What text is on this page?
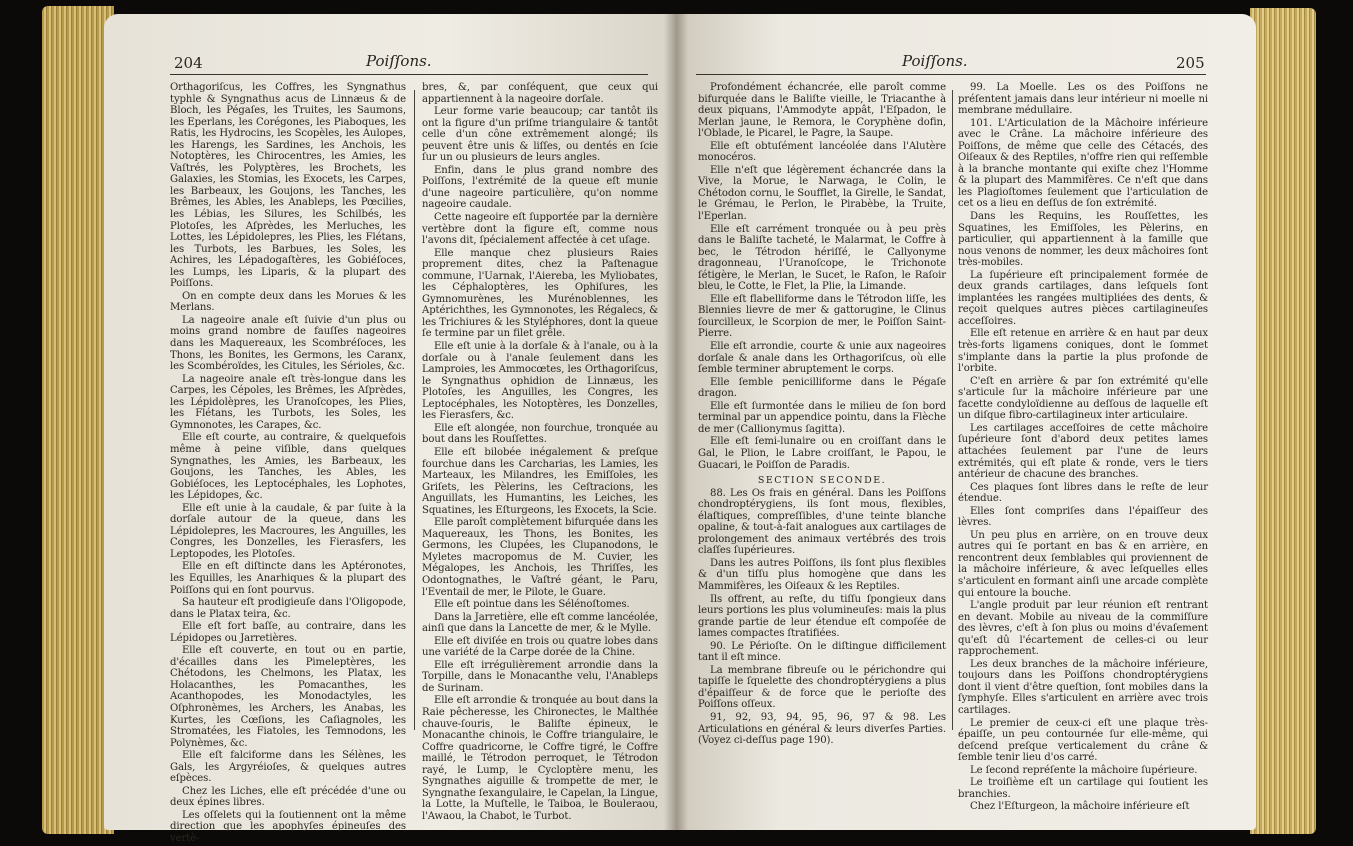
204	Poiſſons.

Orthagoriſcus, les Coffres, les Syngnathus typhle & Syngnathus acus de Linnæus & de Bloch, les Pégaſes, les Truites, les Saumons, les Eperlans, les Corégones, les Piaboques, les Ratis, les Hydrocins, les Scopèles, les Aulopes, les Harengs, les Sardines, les Anchois, les Notoptères, les Chirocentres, les Amies, les Vaſtrés, les Polyptères, les Brochets, les Galaxies, les Stomias, les Exocets, les Carpes, les Barbeaux, les Goujons, les Tanches, les Brêmes, les Ables, les Anableps, les Pœcilies, les Lébias, les Silures, les Schilbés, les Plotoſes, les Aſprèdes, les Merluches, les Lottes, les Lépidolepres, les Plies, les Flétans, les Turbots, les Barbues, les Soles, les Achires, les Lépadogaſtères, les Gobiéſoces, les Lumps, les Liparis, & la plupart des Poiſſons.

On en compte deux dans les Morues & les Merlans.

La nageoire anale eſt ſuivie d'un plus ou moins grand nombre de fauſſes nageoires dans les Maquereaux, les Scombréſoces, les Thons, les Bonites, les Germons, les Caranx, les Scombéroïdes, les Citules, les Sérioles, &c.

La nageoire anale eſt très-longue dans les Carpes, les Cépoles, les Brêmes, les Aſprèdes, les Lépidolèpres, les Uranoſcopes, les Plies, les Flétans, les Turbots, les Soles, les Gymnonotes, les Carapes, &c.

Elle eſt courte, au contraire, & quelquefois même à peine viſible, dans quelques Syngnathes, les Amies, les Barbeaux, les Goujons, les Tanches, les Ables, les Gobiéſoces, les Leptocéphales, les Lophotes, les Lépidopes, &c.

Elle eſt unie à la caudale, & par ſuite à la dorſale autour de la queue, dans les Lépidolepres, les Macroures, les Anguilles, les Congres, les Donzelles, les Fierasfers, les Leptopodes, les Plotoſes.

Elle en eſt diſtincte dans les Aptéronotes, les Equilles, les Anarhiques & la plupart des Poiſſons qui en ſont pourvus.

Sa hauteur eſt prodigieuſe dans l'Oligopode, dans le Platax teira, &c.

Elle eſt fort baſſe, au contraire, dans les Lépidopes ou Jarretières.

Elle eſt couverte, en tout ou en partie, d'écailles dans les Pimeleptères, les Chétodons, les Chelmons, les Platax, les Holacanthes, les Pomacanthes, les Acanthopodes, les Monodactyles, les Oſphronèmes, les Archers, les Anabas, les Kurtes, les Cœſions, les Caſiagnoles, les Stromatées, les Fiatoles, les Temnodons, les Polynèmes, &c.

Elle eſt falciforme dans les Sélènes, les Gals, les Argyréioſes, & quelques autres eſpèces.

Chez les Liches, elle eſt précédée d'une ou deux épines libres.

Les oſſelets qui la ſoutiennent ont la même direction que les apophyſes épineuſes des vertè-

bres, &, par conſéquent, que ceux qui appartiennent à la nageoire dorſale.

Leur forme varie beaucoup; car tantôt ils ont la figure d'un priſme triangulaire & tantôt celle d'un cône extrêmement alongé; ils peuvent être unis & liſſes, ou dentés en ſcie ſur un ou plusieurs de leurs angles.

Enfin, dans le plus grand nombre des Poiſſons, l'extrémité de la queue eſt munie d'une nageoire particulière, qu'on nomme nageoire caudale.

Cette nageoire eſt ſupportée par la dernière vertèbre dont la figure eſt, comme nous l'avons dit, ſpécialement affectée à cet uſage.

Elle manque chez plusieurs Raies proprement dites, chez la Paſtenague commune, l'Uarnak, l'Aiereba, les Myliobates, les Céphaloptères, les Ophiſures, les Gymnomurènes, les Murénoblennes, les Aptérichthes, les Gymnonotes, les Régalecs, & les Trichiures & les Styléphores, dont la queue ſe termine par un filet grêle.

Elle eſt unie à la dorſale & à l'anale, ou à la dorſale ou à l'anale ſeulement dans les Lamproies, les Ammocœtes, les Orthagoriſcus, le Syngnathus ophidion de Linnæus, les Plotoſes, les Anguilles, les Congres, les Leptocéphales, les Notoptères, les Donzelles, les Fierasfers, &c.

Elle eſt alongée, non fourchue, tronquée au bout dans les Rouſſettes.

Elle eſt bilobée inégalement & preſque fourchue dans les Carcharias, les Lamies, les Marteaux, les Milandres, les Emiſſoles, les Griſets, les Pèlerins, les Ceſtracions, les Anguillats, les Humantins, les Leiches, les Squatines, les Eſturgeons, les Exocets, la Scie.

Elle paroît complètement bifurquée dans les Maquereaux, les Thons, les Bonites, les Germons, les Clupées, les Clupanodons, le Myletes macropomus de M. Cuvier, les Mégalopes, les Anchois, les Thriſſes, les Odontognathes, le Vaſtré géant, le Paru, l'Eventail de mer, le Pilote, le Guare.

Elle eſt pointue dans les Sélénoſtomes.

Dans la Jarretière, elle eſt comme lancéolée, ainſi que dans la Lancette de mer, & le Mylle.

Elle eſt diviſée en trois ou quatre lobes dans une variété de la Carpe dorée de la Chine.

Elle eſt irrégulièrement arrondie dans la Torpille, dans le Monacanthe velu, l'Anableps de Surinam.

Elle eſt arrondie & tronquée au bout dans la Raie pêcheresse, les Chironectes, le Malthée chauve-ſouris, le Baliſte épineux, le Monacanthe chinois, le Coffre triangulaire, le Coffre quadricorne, le Coffre tigré, le Coffre maillé, le Tétrodon perroquet, le Tétrodon rayé, le Lump, le Cycloptère menu, les Syngnathes aiguille & trompette de mer, le Syngnathe ſexangulaire, le Capelan, la Lingue, la Lotte, la Muſtelle, le Taiboa, le Bouleraou, l'Awaou, la Chabot, le Turbot.

Poiſſons.	205

Profondément échancrée, elle paroît comme bifurquée dans le Baliſte vieille, le Triacanthe à deux piquans, l'Ammodyte appât, l'Eſpadon, le Merlan jaune, le Remora, le Coryphène dofin, l'Oblade, le Picarel, le Pagre, la Saupe.

Elle eſt obtuſément lancéolée dans l'Alutère monocéros.

Elle n'eſt que légèrement échancrée dans la Vive, la Morue, le Narwaga, le Colin, le Chétodon cornu, le Soufflet, la Girelle, le Sandat, le Grémau, le Perlon, le Pirabèbe, la Truite, l'Eperlan.

Elle eſt carrément tronquée ou à peu près dans le Baliſte tacheté, le Malarmat, le Coffre à bec, le Tétrodon hériſſé, le Callyonyme dragonneau, l'Uranoſcope, le Trichonote ſétigère, le Merlan, le Sucet, le Raſon, le Raſoir bleu, le Cotte, le Flet, la Plie, la Limande.

Elle eſt flabelliforme dans le Tétrodon liſſe, les Blennies lievre de mer & gattorugine, le Clinus ſourcilleux, le Scorpion de mer, le Poiſſon Saint-Pierre.

Elle eſt arrondie, courte & unie aux nageoires dorſale & anale dans les Orthagoriſcus, où elle ſemble terminer abruptement le corps.

Elle ſemble penicilliforme dans le Pégaſe dragon.

Elle eſt ſurmontée dans le milieu de ſon bord terminal par un appendice pointu, dans la Flèche de mer (Callionymus ſagitta).

Elle eſt ſemi-lunaire ou en croiſſant dans le Gal, le Plion, le Labre croiſſant, le Papou, le Guacari, le Poiſſon de Paradis.

SECTION SECONDE.

88. Les Os frais en général. Dans les Poiſſons chondroptérygiens, ils ſont mous, flexibles, élaſtiques, compreſſibles, d'une teinte blanche opaline, & tout-à-fait analogues aux cartilages de prolongement des animaux vertébrés des trois claſſes ſupérieures.

Dans les autres Poiſſons, ils ſont plus flexibles & d'un tiſſu plus homogène que dans les Mammifères, les Oiſeaux & les Reptiles.

Ils offrent, au reſte, du tiſſu ſpongieux dans leurs portions les plus volumineuſes: mais la plus grande partie de leur étendue eſt compoſée de lames compactes ſtratifiées.

90. Le Périoſte. On le diſtingue difficilement tant il eſt mince.

La membrane fibreuſe ou le périchondre qui tapiſſe le ſquelette des chondroptérygiens a plus d'épaiſſeur & de force que le perioſte des Poiſſons oſſeux.

91, 92, 93, 94, 95, 96, 97 & 98. Les Articulations en général & leurs diverſes Parties. (Voyez ci-deſſus page 190).

99. La Moelle. Les os des Poiſſons ne préſentent jamais dans leur intérieur ni moelle ni membrane médullaire.

101. L'Articulation de la Mâchoire inférieure avec le Crâne. La mâchoire inférieure des Poiſſons, de même que celle des Cétacés, des Oiſeaux & des Reptiles, n'offre rien qui reſſemble à la branche montante qui exiſte chez l'Homme & la plupart des Mammifères. Ce n'eſt que dans les Plagioſtomes ſeulement que l'articulation de cet os a lieu en deſſus de ſon extrémité.

Dans les Requins, les Rouſſettes, les Squatines, les Emiſſoles, les Pèlerins, en particulier, qui appartiennent à la famille que nous venons de nommer, les deux mâchoires ſont très-mobiles.

La ſupérieure eſt principalement formée de deux grands cartilages, dans leſquels ſont implantées les rangées multipliées des dents, & reçoit quelques autres pièces cartilagineuſes acceſſoires.

Elle eſt retenue en arrière & en haut par deux très-forts ligamens coniques, dont le ſommet s'implante dans la partie la plus profonde de l'orbite.

C'eſt en arrière & par ſon extrémité qu'elle s'articule ſur la mâchoire inférieure par une facette condyloïdienne au deſſous de laquelle eſt un diſque fibro-cartilagineux inter articulaire.

Les cartilages acceſſoires de cette mâchoire ſupérieure ſont d'abord deux petites lames attachées ſeulement par l'une de leurs extrémités, qui eſt plate & ronde, vers le tiers antérieur de chacune des branches.

Ces plaques ſont libres dans le reſte de leur étendue.

Elles ſont compriſes dans l'épaiſſeur des lèvres.

Un peu plus en arrière, on en trouve deux autres qui ſe portant en bas & en arrière, en rencontrent deux ſemblables qui proviennent de la mâchoire inférieure, & avec leſquelles elles s'articulent en formant ainſi une arcade complète qui entoure la bouche.

L'angle produit par leur réunion eſt rentrant en devant. Mobile au niveau de la commiſſure des lèvres, c'eſt à ſon plus ou moins d'évaſement qu'eſt dû l'écartement de celles-ci ou leur rapprochement.

Les deux branches de la mâchoire inférieure, toujours dans les Poiſſons chondroptérygiens dont il vient d'être queſtion, ſont mobiles dans la ſymphyſe. Elles s'articulent en arrière avec trois cartilages.

Le premier de ceux-ci eſt une plaque très-épaiſſe, un peu contournée ſur elle-même, qui deſcend preſque verticalement du crâne & ſemble tenir lieu d'os carré.

Le ſecond repréſente la mâchoire ſupérieure.

Le troiſième eſt un cartilage qui ſoutient les branchies.

Chez l'Eſturgeon, la mâchoire inférieure eſt
